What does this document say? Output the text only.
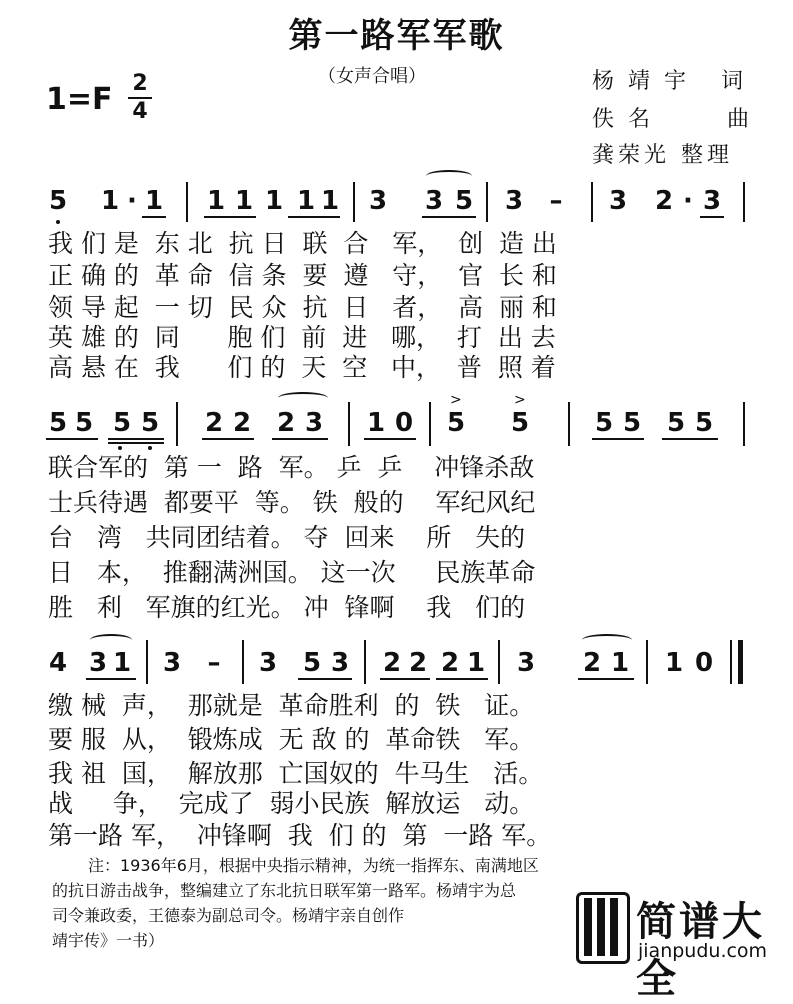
第一路军军歌
（女声合唱）
1=F 2
4
杨靖宇 词
佚名	曲
龚荣光 整理
5 1 · 1 1 1 1 1 1 3 3 5 3 – 3 2 · 3
我 们 是  东 北  抗 日  联  合   军，  创  造 出
正 确 的  革 命  信 条  要  遵   守，  官  长 和
领 导 起  一 切  民 众  抗  日   者，  高  丽 和
英 雄 的  同      胞 们  前  进   哪，  打  出 去
高 悬 在  我      们 的  天  空   中，  普  照 着
5 5 5 5 2 2 2 3 1 0 5 5
>	>
5 5 5 5
联合军的  第 一  路  军。 乒  乒    冲锋杀敌
士兵待遇  都要平  等。 铁  般的    军纪风纪
台   湾   共同团结着。 夺  回来    所   失的
日   本，  推翻满洲国。 这一次     民族革命
胜   利   军旗的红光。 冲  锋啊    我   们的
4 3 1 3 – 3 5 3 2 2 2 1 3 2 1 1 0
缴 械  声，  那就是  革命胜利  的  铁   证。
要 服  从，  锻炼成  无 敌 的  革命铁   军。
我 祖  国，  解放那  亡国奴的  牛马生   活。
战     争，  完成了  弱小民族  解放运   动。
第一路 军，  冲锋啊  我  们 的  第  一路 军。

注：1936年6月，根据中央指示精神，为统一指挥东、南满地区

的抗日游击战争，整编建立了东北抗日联军第一路军。杨靖宇为总

司令兼政委，王德泰为副总司令。杨靖宇亲自创作

靖宇传》一书）	简谱大全
jianpudu.com
